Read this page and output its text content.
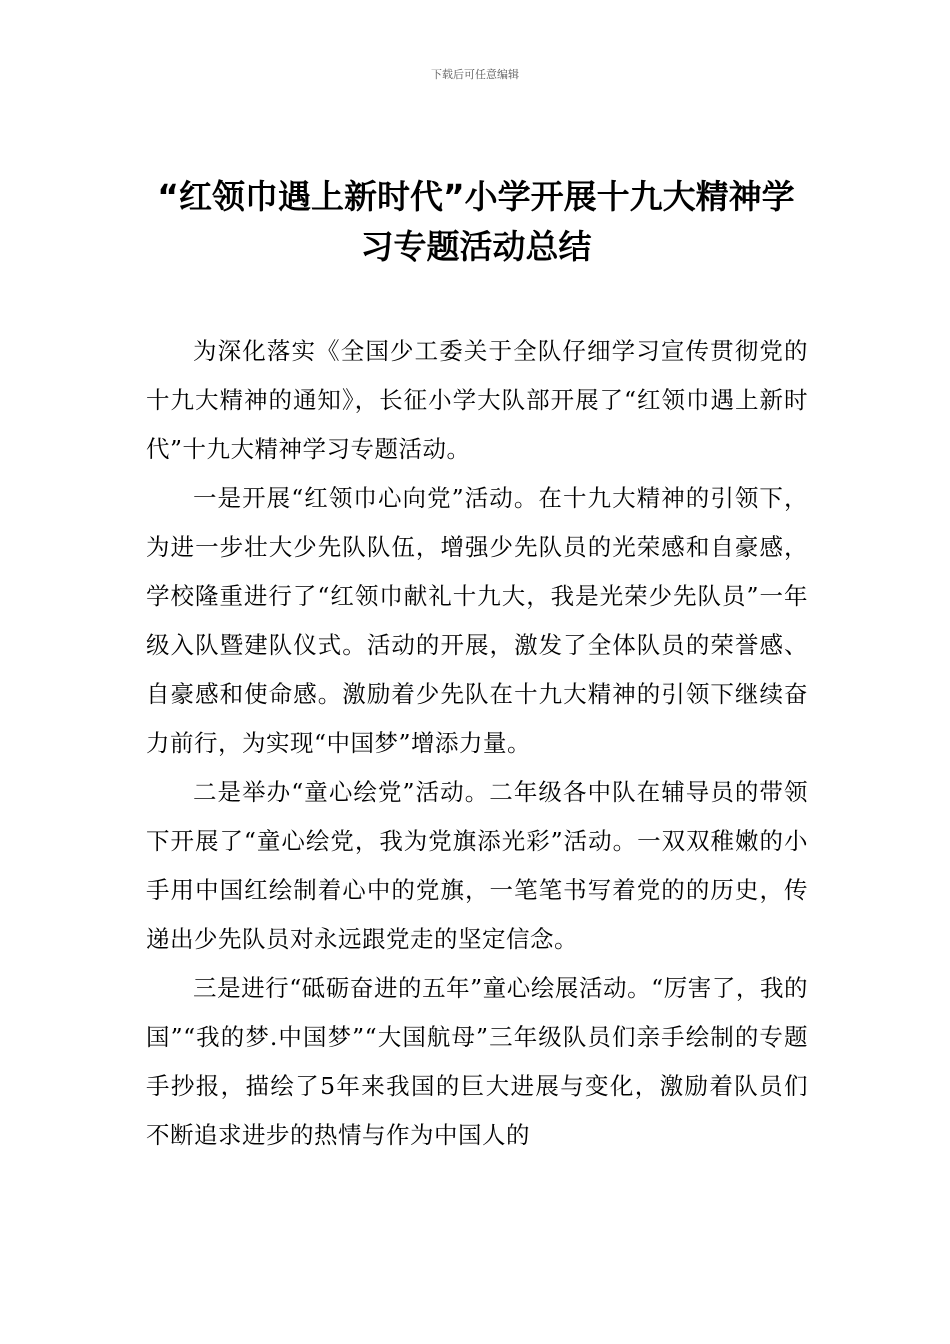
下载后可任意编辑
“红领巾遇上新时代”小学开展十九大精神学习专题活动总结

为深化落实《全国少工委关于全队仔细学习宣传贯彻党的十九大精神的通知》，长征小学大队部开展了“红领巾遇上新时代”十九大精神学习专题活动。

一是开展“红领巾心向党”活动。在十九大精神的引领下，为进一步壮大少先队队伍，增强少先队员的光荣感和自豪感，学校隆重进行了“红领巾献礼十九大，我是光荣少先队员”一年级入队暨建队仪式。活动的开展，激发了全体队员的荣誉感、自豪感和使命感。激励着少先队在十九大精神的引领下继续奋力前行，为实现“中国梦”增添力量。

二是举办“童心绘党”活动。二年级各中队在辅导员的带领下开展了“童心绘党，我为党旗添光彩”活动。一双双稚嫩的小手用中国红绘制着心中的党旗，一笔笔书写着党的的历史，传递出少先队员对永远跟党走的坚定信念。

三是进行“砥砺奋进的五年”童心绘展活动。“厉害了，我的国”“我的梦.中国梦”“大国航母”三年级队员们亲手绘制的专题手抄报，描绘了5年来我国的巨大进展与变化，激励着队员们不断追求进步的热情与作为中国人的
